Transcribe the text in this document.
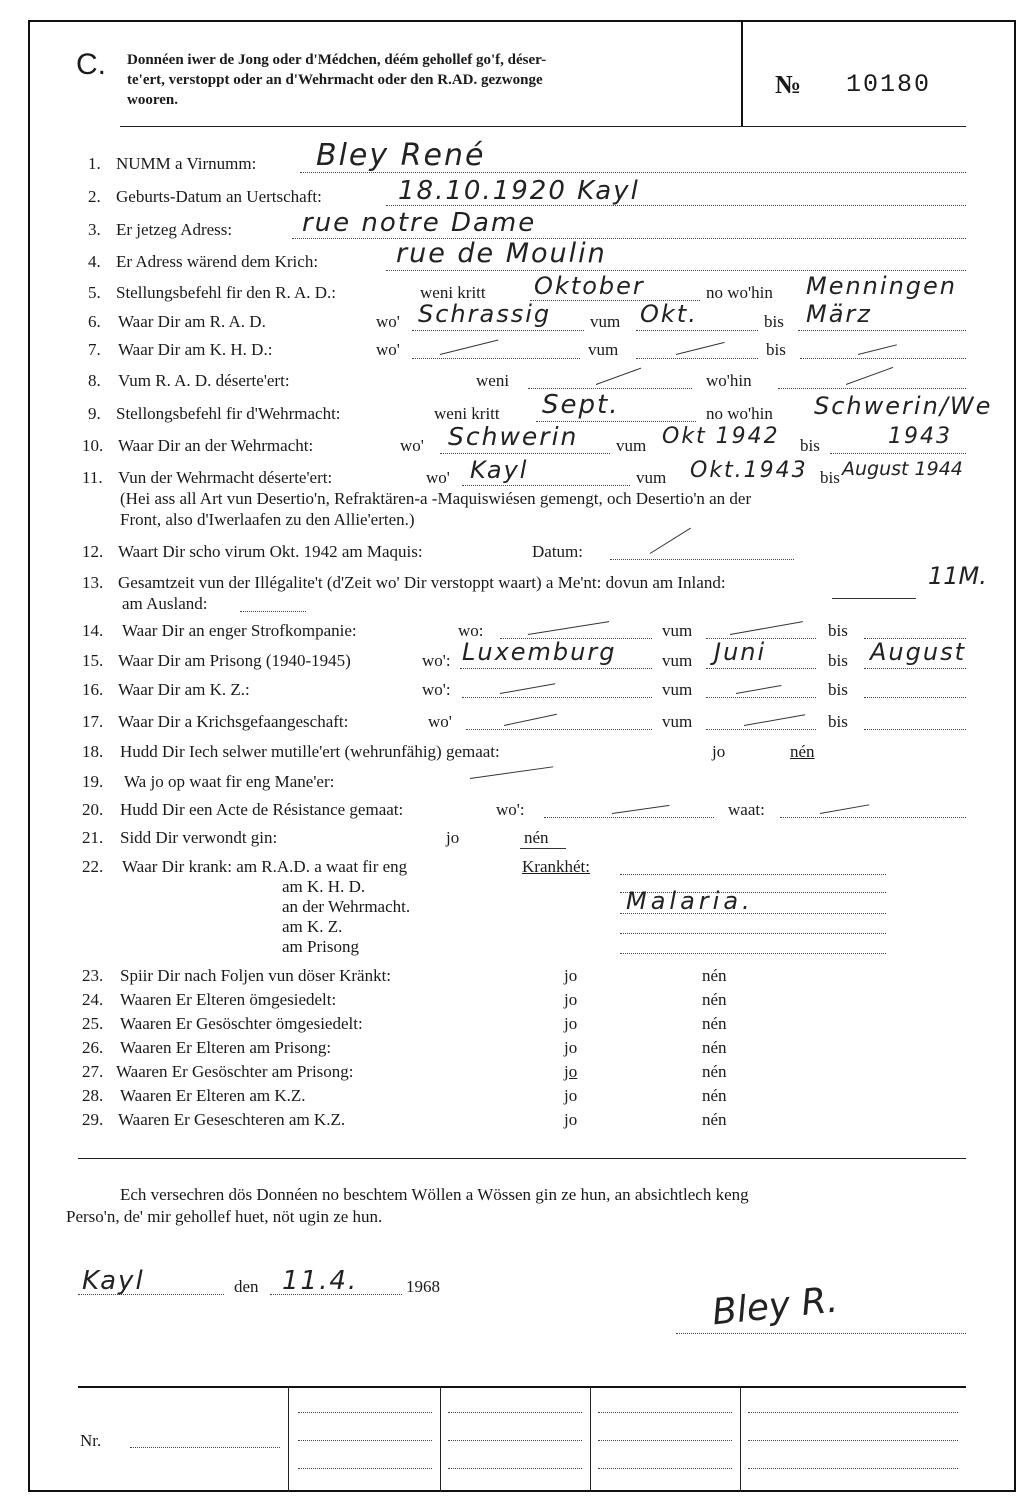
C. Donnéen iwer de Jong oder d'Médchen, déém gehollef go'f, déser-
te'ert, verstoppt oder an d'Wehrmacht oder den R.AD. gezwonge
wooren.
№ 10180
1. NUMM a Virnumm: Bley René
2. Geburts-Datum an Uertschaft:	18.10.1920 Kayl
3. Er jetzeg Adress:	rue notre Dame
4. Er Adress wärend dem Krich:	rue de Moulin
5. Stellungsbefehl fir den R. A. D.:	weni kritt Oktober	no wo'hin Menningen
6. Waar Dir am R. A. D.	wo' Schrassig vum Okt.	bis März
7. Waar Dir am K. H. D.:	wo'	vum	bis
8. Vum R. A. D. déserte'ert:	weni	wo'hin
9. Stellongsbefehl fir d'Wehrmacht:	weni kritt Sept.	no wo'hin Schwerin/We
10. Waar Dir an der Wehrmacht:	wo' Schwerin vum Okt 1942 bis	1943
11. Vun der Wehrmacht déserte'ert:	wo' Kayl	vum Okt.1943 bis August 1944
(Hei ass all Art vun Desertio'n, Refraktären-a -Maquiswiésen gemengt, och Desertio'n an der
Front, also d'Iwerlaafen zu den Allie'erten.)
12. Waart Dir scho virum Okt. 1942 am Maquis:	Datum:
13. Gesamtzeit vun der Illégalite't (d'Zeit wo' Dir verstoppt waart) a Me'nt: dovun am Inland:	11M.
am Ausland:
14. Waar Dir an enger Strofkompanie:	wo:	vum	bis
15. Waar Dir am Prisong (1940-1945)	wo': Luxemburg	vum Juni	bis August
16. Waar Dir am K. Z.:	wo':	vum	bis
17. Waar Dir a Krichsgefaangeschaft:	wo'	vum	bis
18. Hudd Dir Iech selwer mutille'ert (wehrunfähig) gemaat:	jo	nén
19. Wa jo op waat fir eng Mane'er:
20. Hudd Dir een Acte de Résistance gemaat:	wo':	waat:
21. Sidd Dir verwondt gin:	jo	nén
22. Waar Dir krank: am R.A.D. a waat fir eng	Krankhét:
am K. H. D.
an der Wehrmacht.	Malaria.
am K. Z.
am Prisong
23. Spiir Dir nach Foljen vun döser Kränkt:	jo	nén
24. Waaren Er Elteren ömgesiedelt:	jo	nén
25. Waaren Er Gesöschter ömgesiedelt:	jo	nén
26. Waaren Er Elteren am Prisong:	jo	nén
27. Waaren Er Gesöschter am Prisong:	jo	nén
28. Waaren Er Elteren am K.Z.	jo	nén
29. Waaren Er Geseschteren am K.Z.	jo	nén
Ech versechren dös Donnéen no beschtem Wöllen a Wössen gin ze hun, an absichtlech keng
Perso'n, de' mir gehollef huet, nöt ugin ze hun.
Kayl	den 11.4.	1968	Bley R.
Nr.
